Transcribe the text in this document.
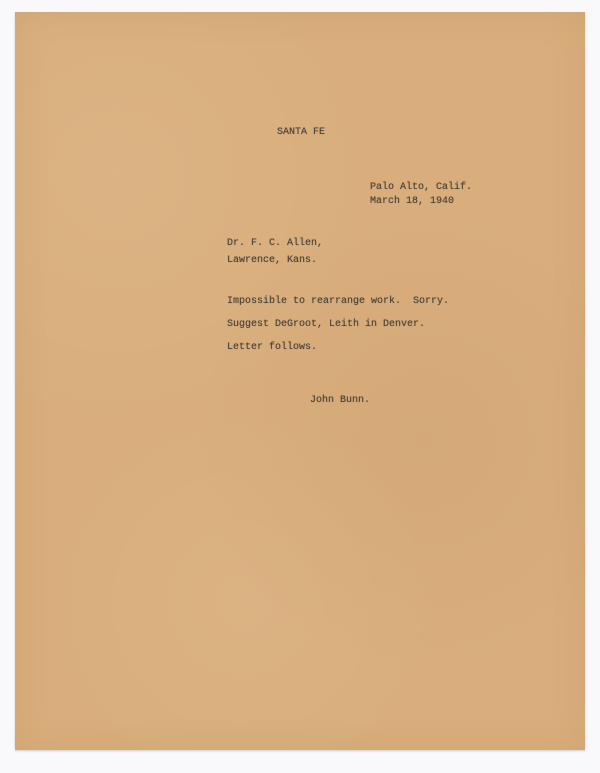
SANTA FE
Palo Alto, Calif.
March 18, 1940
Dr. F. C. Allen,
Lawrence, Kans.
Impossible to rearrange work.  Sorry.
Suggest DeGroot, Leith in Denver.
Letter follows.
John Bunn.
